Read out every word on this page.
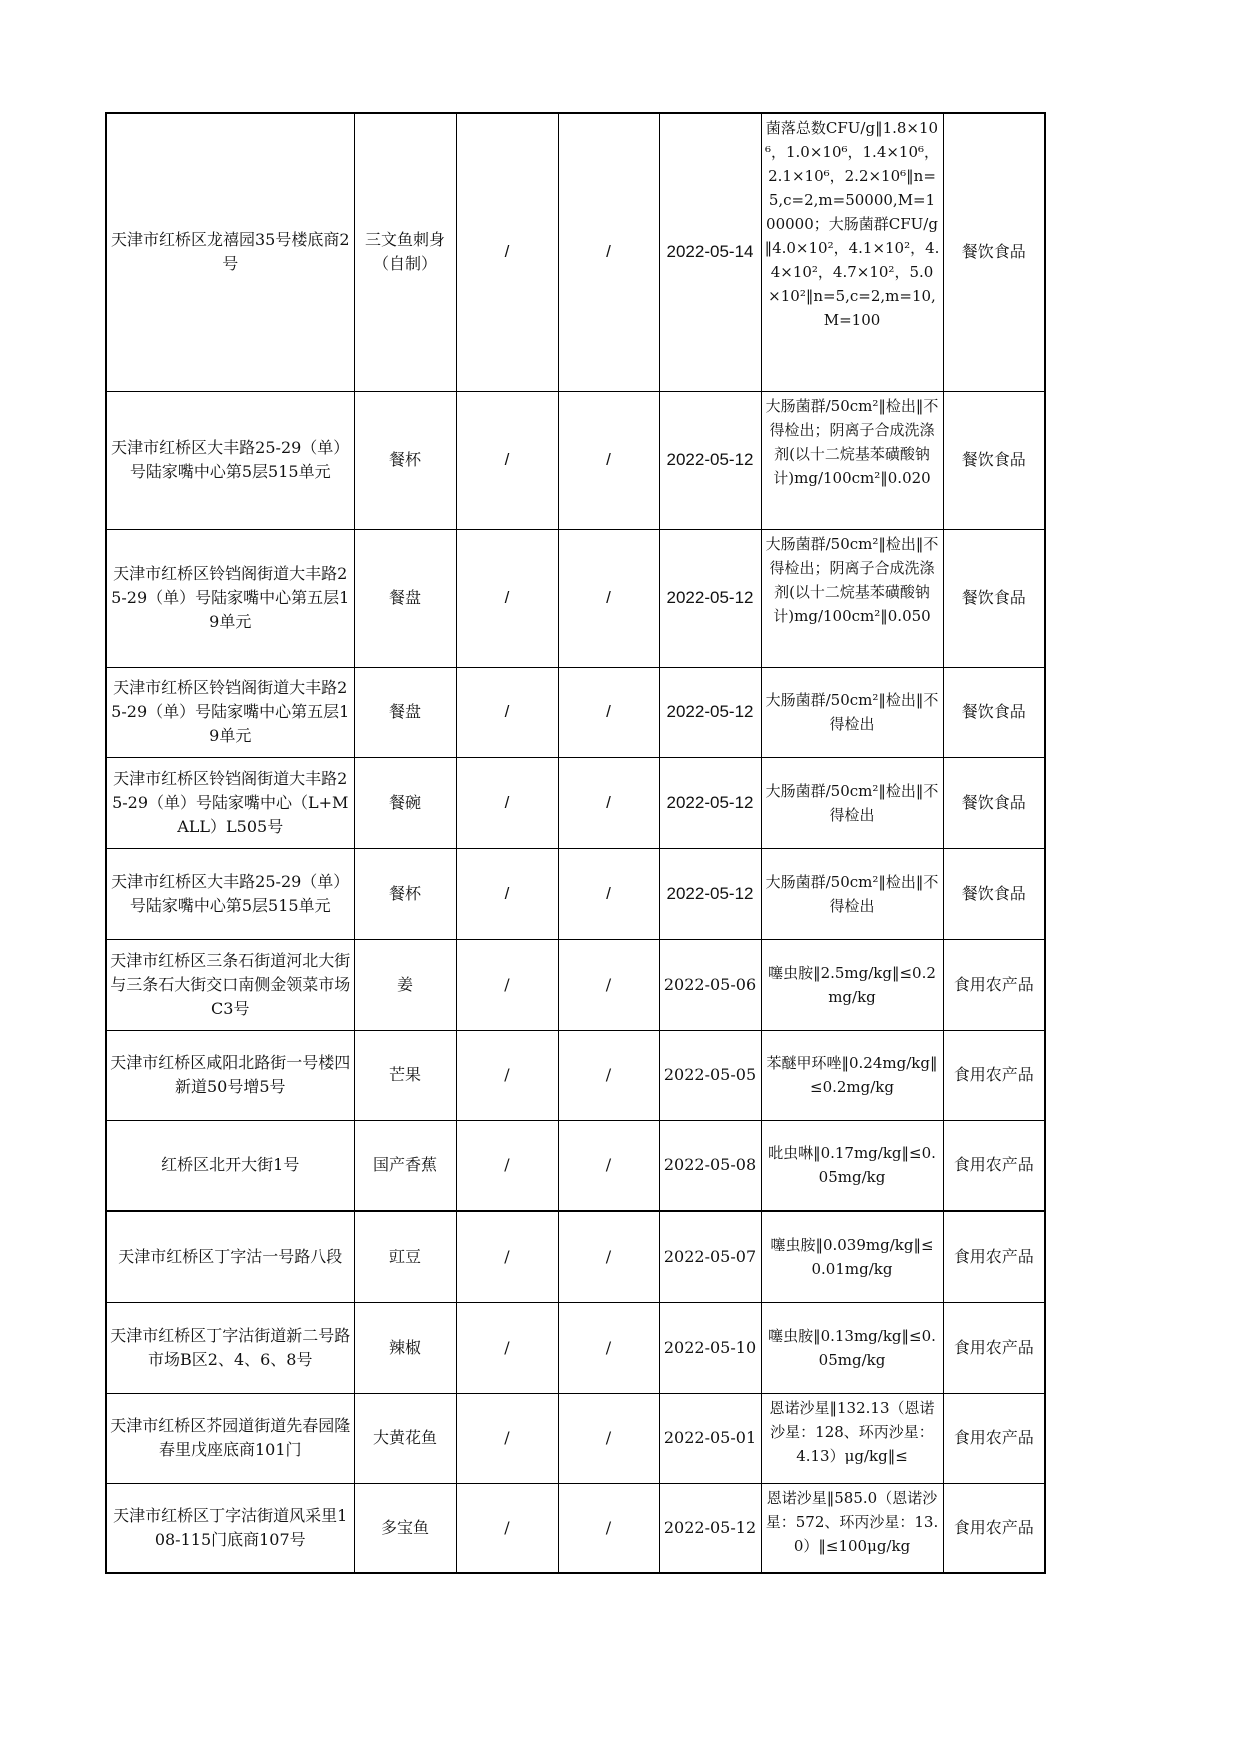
天津市红桥区龙禧园35号楼底商2号	三文鱼刺身（自制）	/	/	2022-05-14	菌落总数CFU/g‖1.8×10⁶，1.0×10⁶，1.4×10⁶，2.1×10⁶，2.2×10⁶‖n=5,c=2,m=50000,M=100000；大肠菌群CFU/g‖4.0×10²，4.1×10²，4.4×10²，4.7×10²，5.0×10²‖n=5,c=2,m=10,M=100	餐饮食品

天津市红桥区大丰路25-29（单）号陆家嘴中心第5层515单元	餐杯	/	/	2022-05-12	大肠菌群/50cm²‖检出‖不得检出；阴离子合成洗涤剂(以十二烷基苯磺酸钠计)mg/100cm²‖0.020	餐饮食品

天津市红桥区铃铛阁街道大丰路25-29（单）号陆家嘴中心第五层19单元	餐盘	/	/	2022-05-12	大肠菌群/50cm²‖检出‖不得检出；阴离子合成洗涤剂(以十二烷基苯磺酸钠计)mg/100cm²‖0.050	餐饮食品

天津市红桥区铃铛阁街道大丰路25-29（单）号陆家嘴中心第五层19单元	餐盘	/	/	2022-05-12	大肠菌群/50cm²‖检出‖不得检出	餐饮食品

天津市红桥区铃铛阁街道大丰路25-29（单）号陆家嘴中心（L+MALL）L505号	餐碗	/	/	2022-05-12	大肠菌群/50cm²‖检出‖不得检出	餐饮食品

天津市红桥区大丰路25-29（单）号陆家嘴中心第5层515单元	餐杯	/	/	2022-05-12	大肠菌群/50cm²‖检出‖不得检出	餐饮食品

天津市红桥区三条石街道河北大街与三条石大街交口南侧金领菜市场C3号	姜	/	/	2022-05-06	噻虫胺‖2.5mg/kg‖≤0.2mg/kg	食用农产品

天津市红桥区咸阳北路街一号楼四新道50号增5号	芒果	/	/	2022-05-05	苯醚甲环唑‖0.24mg/kg‖≤0.2mg/kg	食用农产品

红桥区北开大街1号	国产香蕉	/	/	2022-05-08	吡虫啉‖0.17mg/kg‖≤0.05mg/kg	食用农产品

天津市红桥区丁字沽一号路八段	豇豆	/	/	2022-05-07	噻虫胺‖0.039mg/kg‖≤0.01mg/kg	食用农产品

天津市红桥区丁字沽街道新二号路市场B区2、4、6、8号	辣椒	/	/	2022-05-10	噻虫胺‖0.13mg/kg‖≤0.05mg/kg	食用农产品

天津市红桥区芥园道街道先春园隆春里戊座底商101门	大黄花鱼	/	/	2022-05-01	恩诺沙星‖132.13（恩诺沙星：128、环丙沙星：4.13）μg/kg‖≤	食用农产品

天津市红桥区丁字沽街道风采里108-115门底商107号	多宝鱼	/	/	2022-05-12	恩诺沙星‖585.0（恩诺沙星：572、环丙沙星：13.0）‖≤100μg/kg	食用农产品
